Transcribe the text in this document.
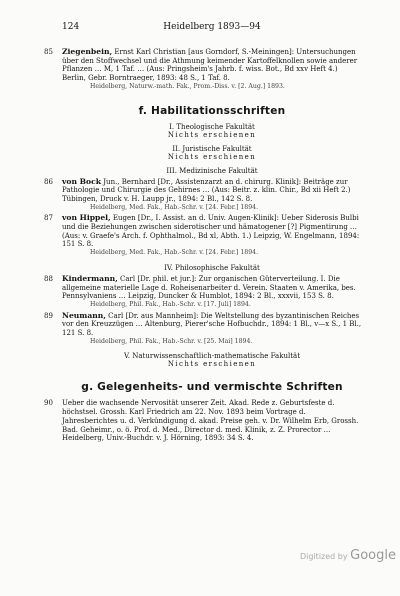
124	Heidelberg 1893—94
85 Ziegenbein, Ernst Karl Christian [aus Gorndorf, S.-Meiningen]: Untersuchungen über den Stoffwechsel und die Athmung keimender Kartoffelknollen sowie anderer Pflanzen … M, 1 Taf. … (Aus: Pringsheim's Jahrb. f. wiss. Bot., Bd xxv Heft 4.) Berlin, Gebr. Borntraeger, 1893: 48 S., 1 Taf. 8.
Heidelberg, Naturw.-math. Fak., Prom.-Diss. v. [2. Aug.] 1893.
f. Habilitationsschriften
I. Theologische Fakultät
Nichts erschienen
II. Juristische Fakultät
Nichts erschienen
III. Medizinische Fakultät
86 von Bock Jun., Bernhard [Dr., Assistenzarzt an d. chirurg. Klinik]: Beiträge zur Pathologie und Chirurgie des Gehirnes … (Aus: Beitr. z. klin. Chir., Bd xii Heft 2.) Tübingen, Druck v. H. Laupp jr., 1894: 2 Bl., 142 S. 8.
Heidelberg, Med. Fak., Hab.-Schr. v. [24. Febr.] 1894.
87 von Hippel, Eugen [Dr., I. Assist. an d. Univ. Augen-Klinik]: Ueber Siderosis Bulbi und die Beziehungen zwischen siderotischer und hämatogener [?] Pigmentirung … (Aus: v. Graefe's Arch. f. Ophthalmol., Bd xl, Abth. 1.) Leipzig, W. Engelmann, 1894: 151 S. 8.
Heidelberg, Med. Fak., Hab.-Schr. v. [24. Febr.] 1894.
IV. Philosophische Fakultät
88 Kindermann, Carl [Dr. phil. et jur.]: Zur organischen Güterverteilung. I. Die allgemeine materielle Lage d. Roheisenarbeiter d. Verein. Staaten v. Amerika, bes. Pennsylvaniens … Leipzig, Duncker & Humblot, 1894: 2 Bl., xxxvii, 153 S. 8.
Heidelberg, Phil. Fak., Hab.-Schr. v. [17. Juli] 1894.
89 Neumann, Carl [Dr. aus Mannheim]: Die Weltstellung des byzantinischen Reiches vor den Kreuzzügen … Altenburg, Pierer'sche Hofbuchdr., 1894: 1 Bl., v—x S., 1 Bl., 121 S. 8.
Heidelberg, Phil. Fak., Hab.-Schr. v. [25. Mai] 1894.
V. Naturwissenschaftlich-mathematische Fakultät
Nichts erschienen
g. Gelegenheits- und vermischte Schriften
90 Ueber die wachsende Nervosität unserer Zeit. Akad. Rede z. Geburtsfeste d. höchstsel. Grossh. Karl Friedrich am 22. Nov. 1893 beim Vortrage d. Jahresberichtes u. d. Verkündigung d. akad. Preise geh. v. Dr. Wilhelm Erb, Grossh. Bad. Geheimr., o. ö. Prof. d. Med., Director d. med. Klinik, z. Z. Prorector … Heidelberg, Univ.-Buchdr. v. J. Hörning, 1893: 34 S. 4.
Digitized by Google
